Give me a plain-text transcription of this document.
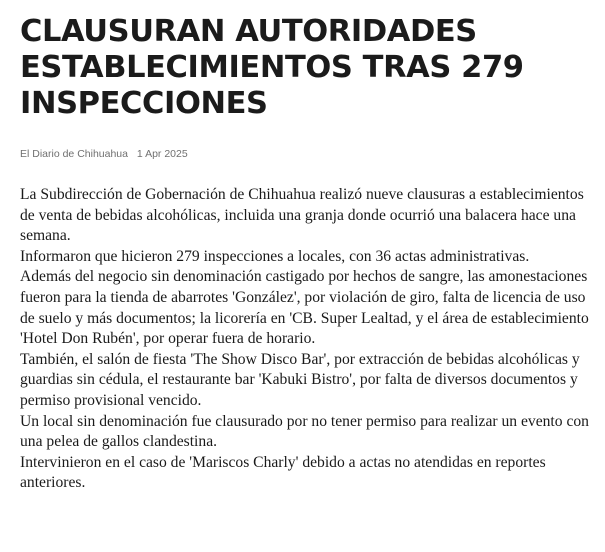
CLAUSURAN AUTORIDADES
ESTABLECIMIENTOS TRAS 279
INSPECCIONES
El Diario de Chihuahua 1 Apr 2025

La Subdirección de Gobernación de Chihuahua realizó nueve clausuras a establecimientos de venta de bebidas alcohólicas, incluida una granja donde ocurrió una balacera hace una semana.

Informaron que hicieron 279 inspecciones a locales, con 36 actas administrativas.

Además del negocio sin denominación castigado por hechos de sangre, las amonestaciones fueron para la tienda de abarrotes 'González', por violación de giro, falta de licencia de uso de suelo y más documentos; la licorería en 'CB. Super Lealtad, y el área de establecimiento 'Hotel Don Rubén', por operar fuera de horario.

También, el salón de fiesta 'The Show Disco Bar', por extracción de bebidas alcohólicas y guardias sin cédula, el restaurante bar 'Kabuki Bistro', por falta de diversos documentos y permiso provisional vencido.

Un local sin denominación fue clausurado por no tener permiso para realizar un evento con una pelea de gallos clandestina.

Intervinieron en el caso de 'Mariscos Charly' debido a actas no atendidas en reportes anteriores.
